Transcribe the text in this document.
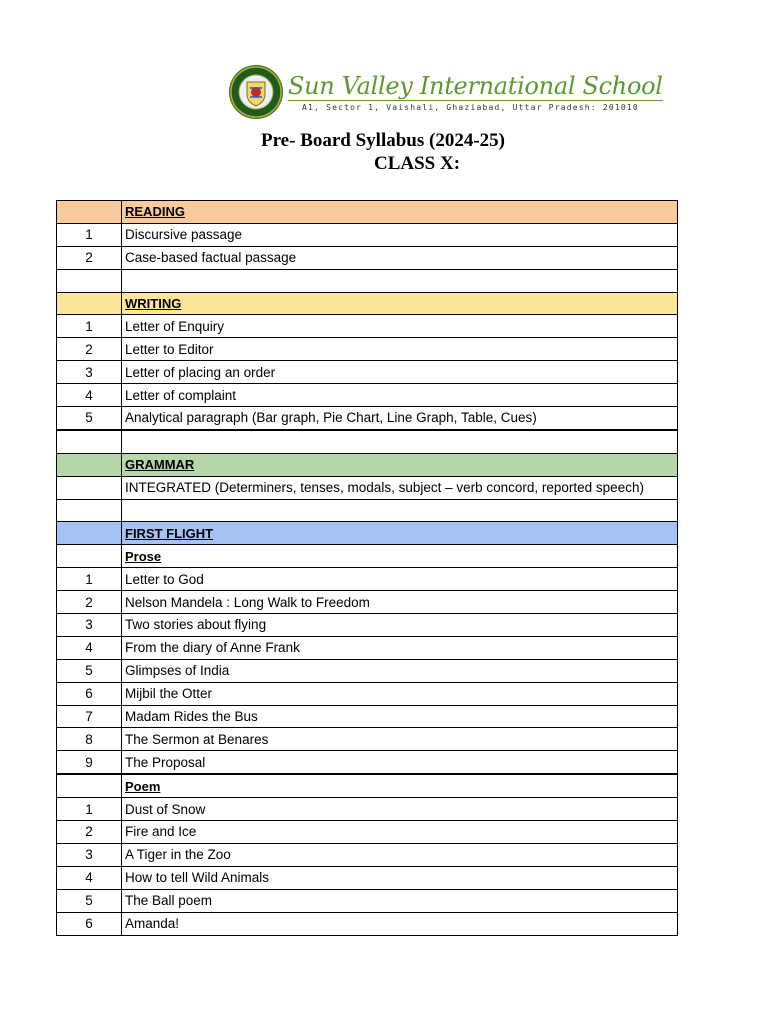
Sun Valley International School
A1, Sector 1, Vaishali, Ghaziabad, Uttar Pradesh: 201010
Pre- Board Syllabus (2024-25)
CLASS X:
	READING
1	Discursive passage
2	Case-based factual passage

	WRITING
1	Letter of Enquiry
2	Letter to Editor
3	Letter of placing an order
4	Letter of complaint
5	Analytical paragraph (Bar graph, Pie Chart, Line Graph, Table, Cues)

	GRAMMAR
	INTEGRATED (Determiners, tenses, modals, subject – verb concord, reported speech)

	FIRST FLIGHT
	Prose
1	Letter to God
2	Nelson Mandela : Long Walk to Freedom
3	Two stories about flying
4	From the diary of Anne Frank
5	Glimpses of India
6	Mijbil the Otter
7	Madam Rides the Bus
8	The Sermon at Benares
9	The Proposal
	Poem
1	Dust of Snow
2	Fire and Ice
3	A Tiger in the Zoo
4	How to tell Wild Animals
5	The Ball poem
6	Amanda!
